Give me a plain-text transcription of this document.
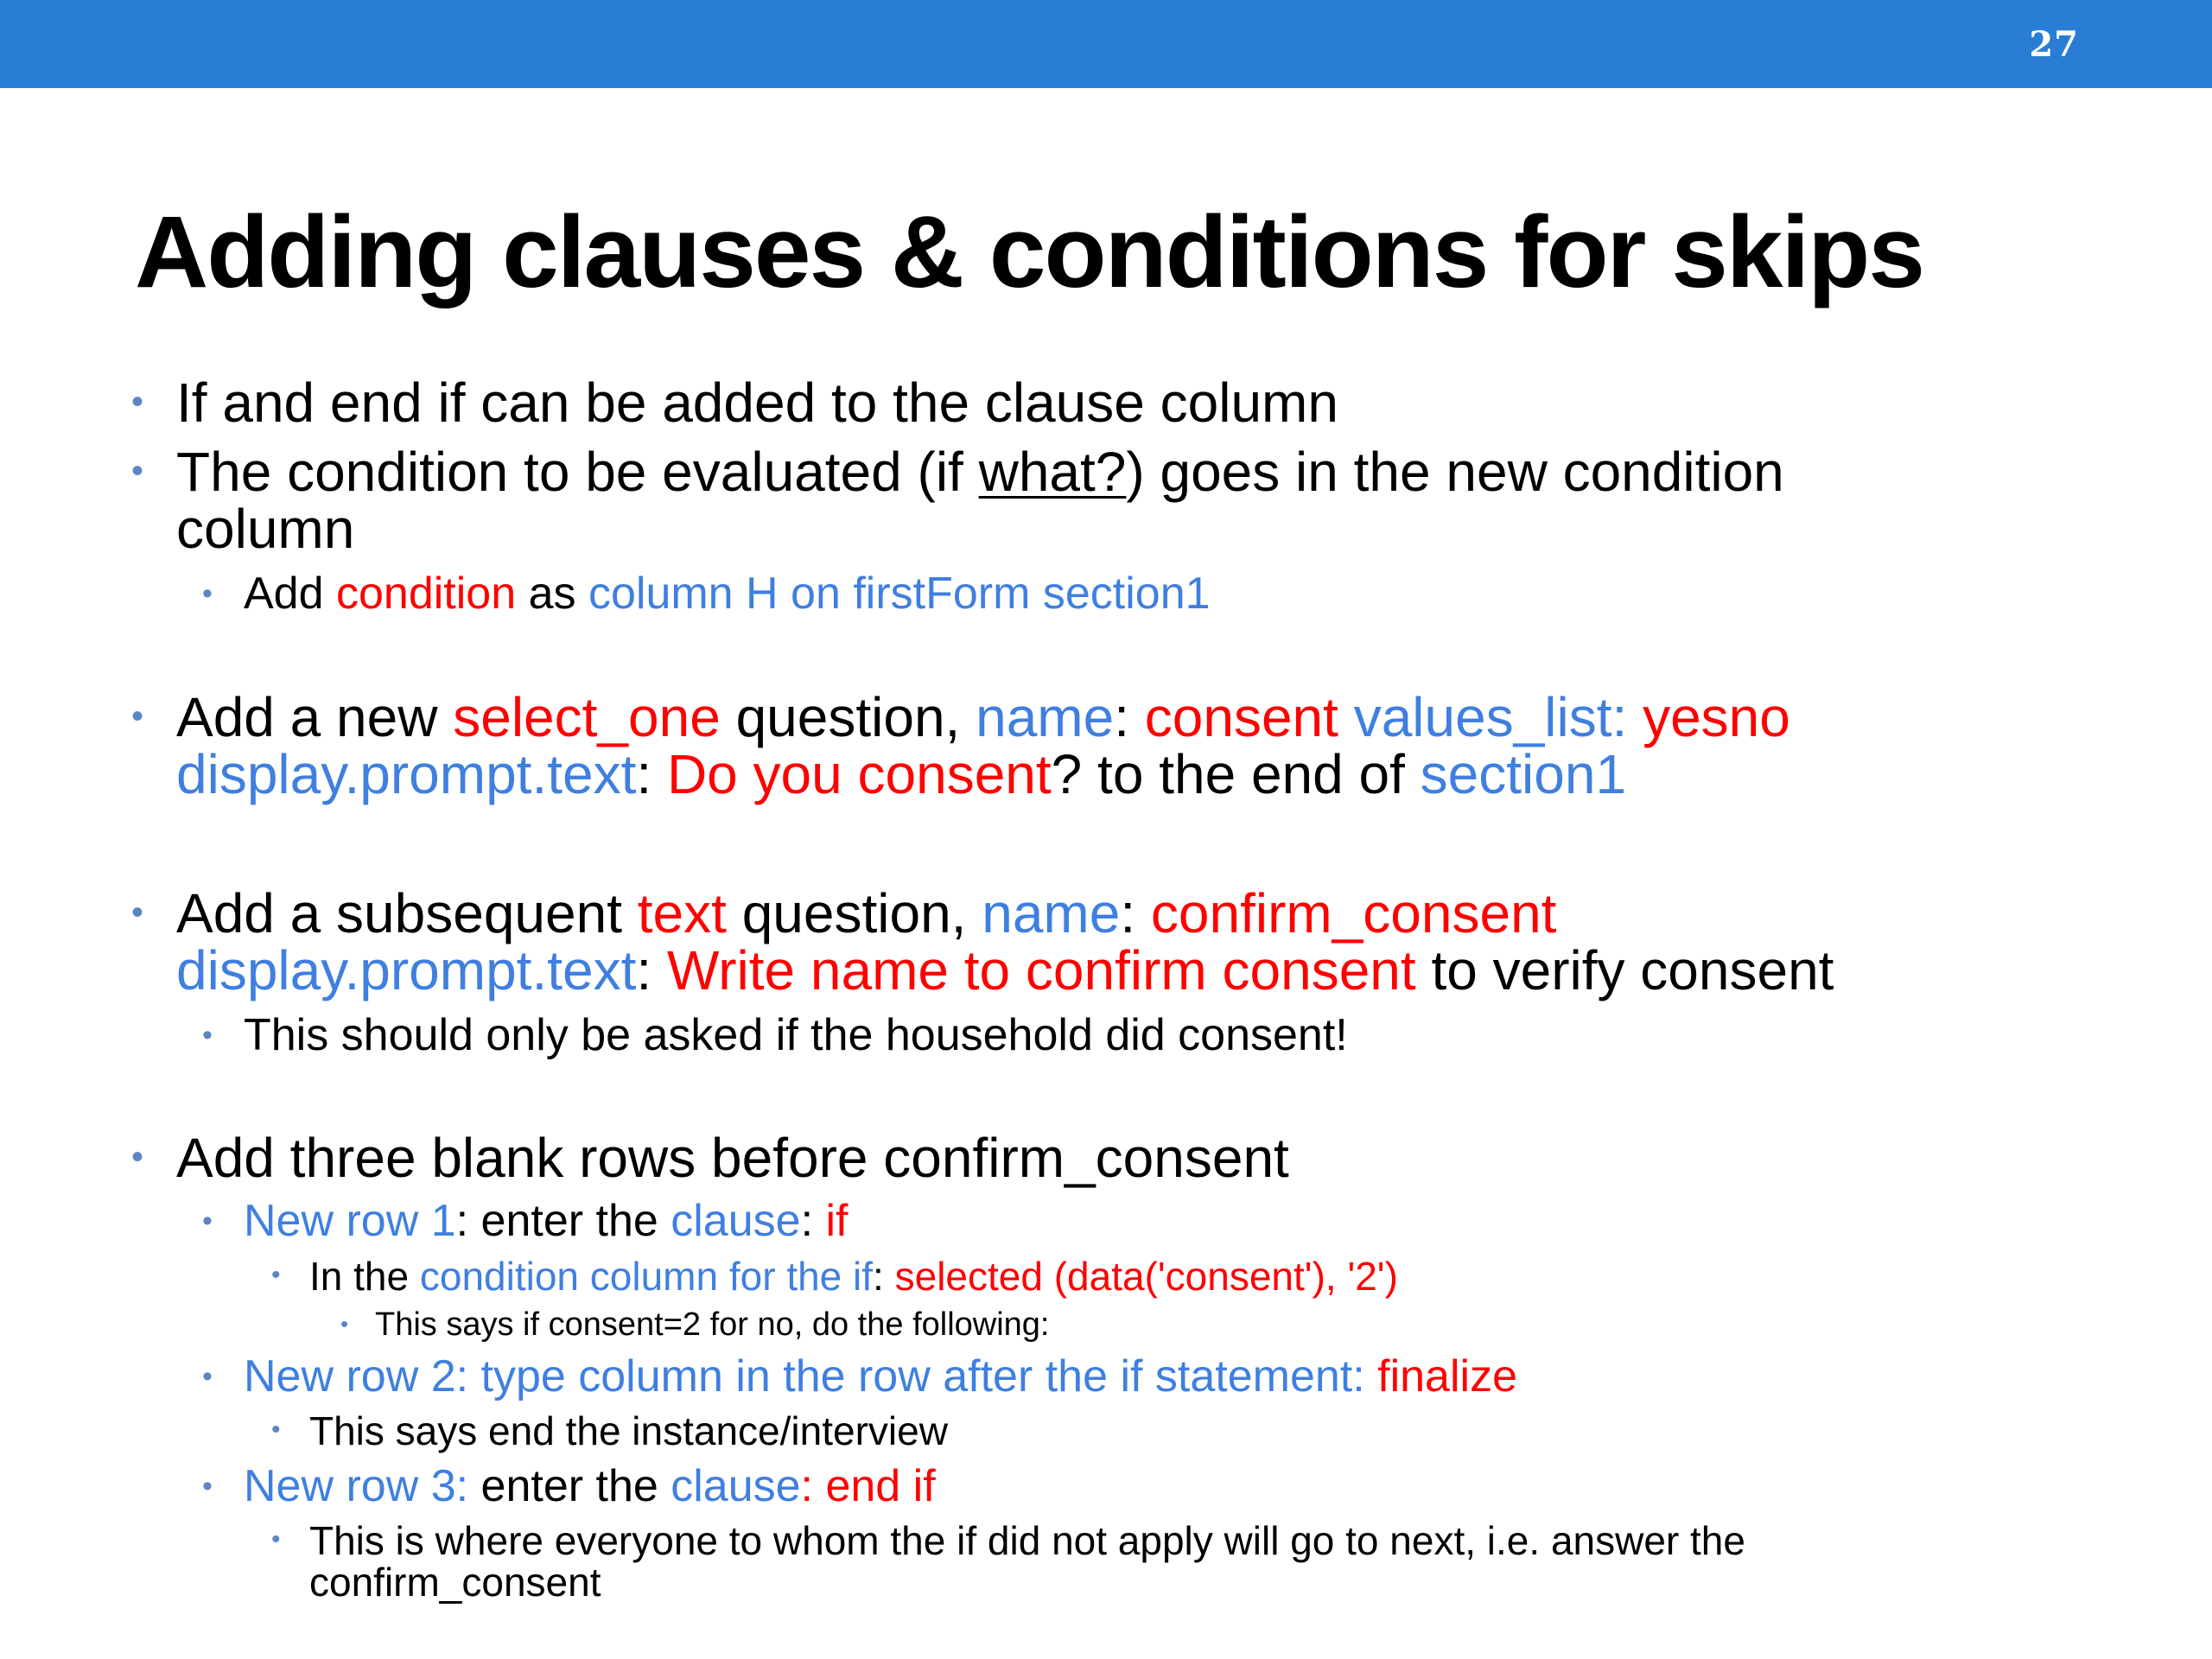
27
Adding clauses & conditions for skips
• If and end if can be added to the clause column
• The condition to be evaluated (if what?) goes in the new condition
column
• Add condition as column H on firstForm section1
• Add a new select_one question, name: consent values_list: yesno
display.prompt.text: Do you consent? to the end of section1
• Add a subsequent text question, name: confirm_consent
display.prompt.text: Write name to confirm consent to verify consent
• This should only be asked if the household did consent!
• Add three blank rows before confirm_consent
• New row 1: enter the clause: if
• In the condition column for the if: selected (data('consent'), '2')
• This says if consent=2 for no, do the following:
• New row 2: type column in the row after the if statement: finalize
• This says end the instance/interview
• New row 3: enter the clause: end if
• This is where everyone to whom the if did not apply will go to next, i.e. answer the
confirm_consent
